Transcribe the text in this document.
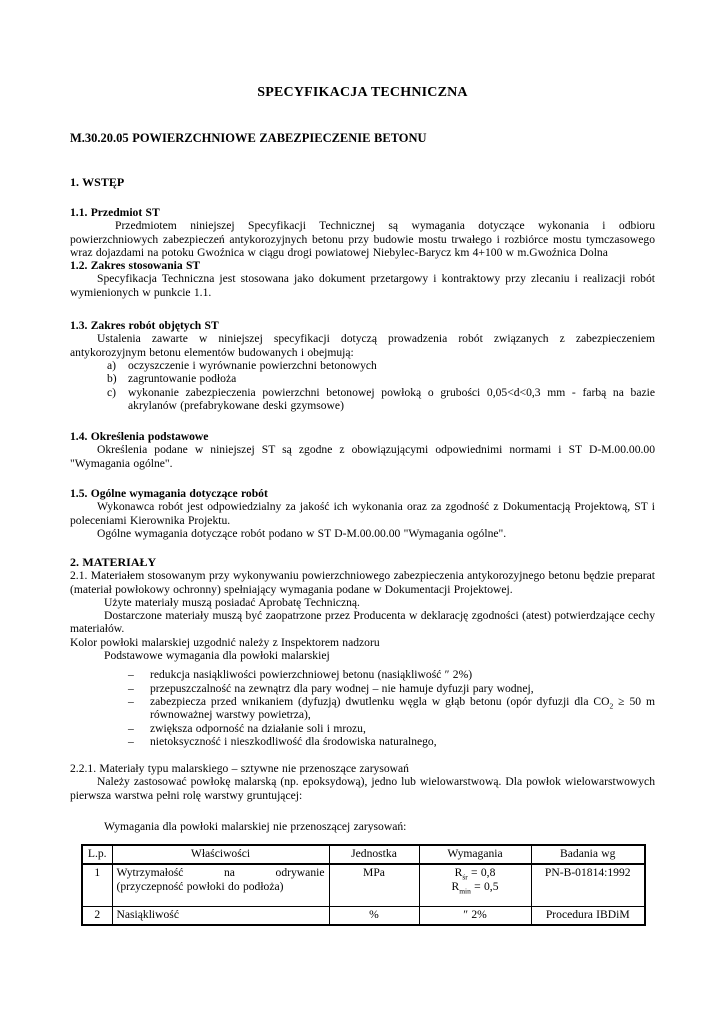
SPECYFIKACJA TECHNICZNA
M.30.20.05 POWIERZCHNIOWE ZABEZPIECZENIE BETONU
1. WSTĘP
1.1. Przedmiot ST

Przedmiotem niniejszej Specyfikacji Technicznej są wymagania dotyczące wykonania i odbioru powierzchniowych zabezpieczeń antykorozyjnych betonu przy budowie mostu trwałego i rozbiórce mostu tymczasowego wraz dojazdami na potoku Gwoźnica w ciągu drogi powiatowej Niebylec-Barycz km 4+100 w m.Gwoźnica Dolna

1.2. Zakres stosowania ST

Specyfikacja Techniczna jest stosowana jako dokument przetargowy i kontraktowy przy zlecaniu i realizacji robót wymienionych w punkcie 1.1.

1.3. Zakres robót objętych ST

Ustalenia zawarte w niniejszej specyfikacji dotyczą prowadzenia robót związanych z zabezpieczeniem antykorozyjnym betonu elementów budowanych i obejmują:

a) oczyszczenie i wyrównanie powierzchni betonowych
b) zagruntowanie podłoża
c) wykonanie zabezpieczenia powierzchni betonowej powłoką o grubości 0,05<d<0,3 mm - farbą na bazie akrylanów (prefabrykowane deski gzymsowe)
1.4. Określenia podstawowe

Określenia podane w niniejszej ST są zgodne z obowiązującymi odpowiednimi normami i ST D-M.00.00.00 "Wymagania ogólne".

1.5. Ogólne wymagania dotyczące robót

Wykonawca robót jest odpowiedzialny za jakość ich wykonania oraz za zgodność z Dokumentacją Projektową, ST i poleceniami Kierownika Projektu.

Ogólne wymagania dotyczące robót podano w ST D-M.00.00.00 "Wymagania ogólne".

2. MATERIAŁY

2.1. Materiałem stosowanym przy wykonywaniu powierzchniowego zabezpieczenia antykorozyjnego betonu będzie preparat (materiał powłokowy ochronny) spełniający wymagania podane w Dokumentacji Projektowej.

Użyte materiały muszą posiadać Aprobatę Techniczną.

Dostarczone materiały muszą być zaopatrzone przez Producenta w deklarację zgodności (atest) potwierdzające cechy materiałów.

Kolor powłoki malarskiej uzgodnić należy z Inspektorem nadzoru

Podstawowe wymagania dla powłoki malarskiej

– redukcja nasiąkliwości powierzchniowej betonu (nasiąkliwość ″ 2%)
– przepuszczalność na zewnątrz dla pary wodnej – nie hamuje dyfuzji pary wodnej,
– zabezpiecza przed wnikaniem (dyfuzją) dwutlenku węgla w głąb betonu (opór dyfuzji dla $CO_2 \ge 50$ m równoważnej warstwy powietrza),
– zwiększa odporność na działanie soli i mrozu,
– nietoksyczność i nieszkodliwość dla środowiska naturalnego,

2.2.1. Materiały typu malarskiego – sztywne nie przenoszące zarysowań

Należy zastosować powłokę malarską (np. epoksydową), jedno lub wielowarstwową. Dla powłok wielowarstwowych pierwsza warstwa pełni rolę warstwy gruntującej:

Wymagania dla powłoki malarskiej nie przenoszącej zarysowań:

L.p.	Właściwości	Jednostka	Wymagania	Badania wg
1	Wytrzymałość na odrywanie
(przyczepność powłoki do podłoża)
	MPa	$R_{śr} = 0,8$
$R_{min} = 0,5$
	PN-B-01814:1992
2	Nasiąkliwość	%	″ 2%	Procedura IBDiM
